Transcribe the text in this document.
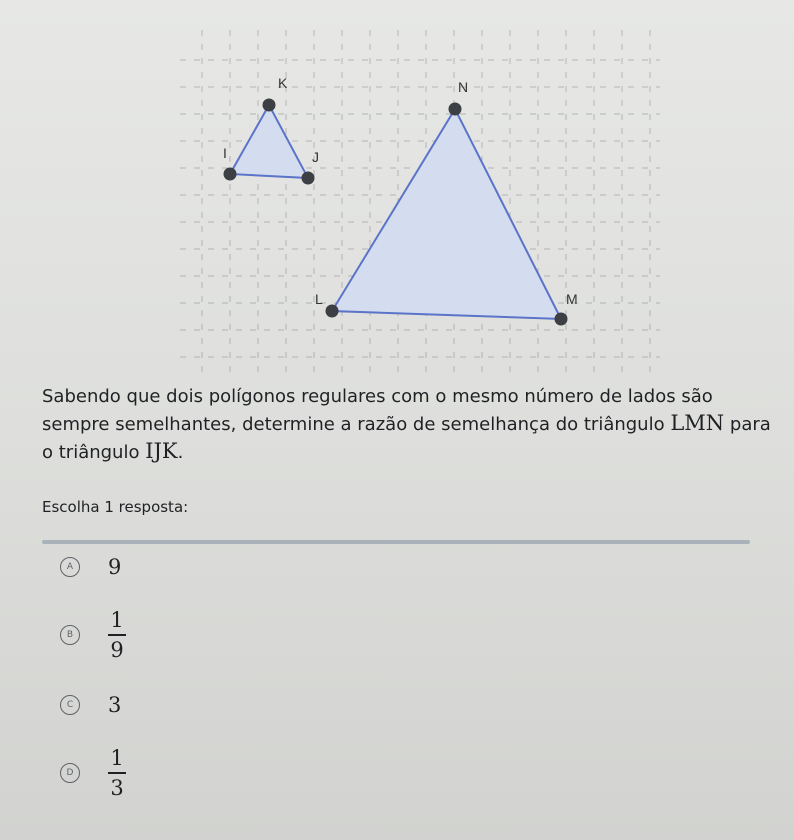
K
I	J
N
L	M
Sabendo que dois polígonos regulares com o mesmo número de lados são sempre semelhantes, determine a razão de semelhança do triângulo LMN para o triângulo IJK.
Escolha 1 resposta:
A	9
B	$\frac{1}{9}$
C	3
D	$\frac{1}{3}$
